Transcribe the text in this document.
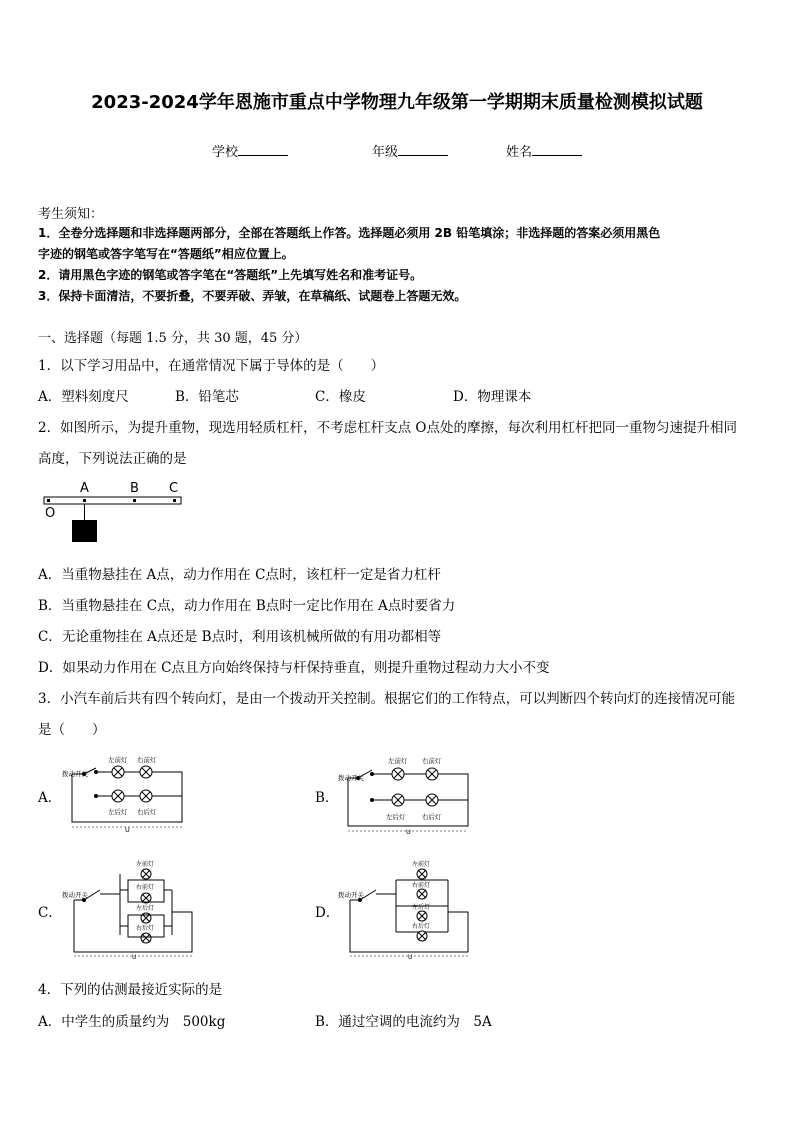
2023-2024学年恩施市重点中学物理九年级第一学期期末质量检测模拟试题
学校	年级	姓名
考生须知：
1．全卷分选择题和非选择题两部分，全部在答题纸上作答。选择题必须用 2B 铅笔填涂；非选择题的答案必须用黑色
字迹的钢笔或答字笔写在“答题纸”相应位置上。
2．请用黑色字迹的钢笔或答字笔在“答题纸”上先填写姓名和准考证号。
3．保持卡面清洁，不要折叠，不要弄破、弄皱，在草稿纸、试题卷上答题无效。
一、选择题（每题 1.5 分，共 30 题，45 分）
1．以下学习用品中，在通常情况下属于导体的是（　　）
A．塑料刻度尺	B．铅笔芯	C．橡皮	D．物理课本
2．如图所示，为提升重物，现选用轻质杠杆，不考虑杠杆支点 O点处的摩擦，每次利用杠杆把同一重物匀速提升相同
高度，下列说法正确的是
A	B C
O
A．当重物悬挂在 A点，动力作用在 C点时，该杠杆一定是省力杠杆
B．当重物悬挂在 C点，动力作用在 B点时一定比作用在 A点时要省力
C．无论重物挂在 A点还是 B点时，利用该机械所做的有用功都相等
D．如果动力作用在 C点且方向始终保持与杆保持垂直，则提升重物过程动力大小不变
3．小汽车前后共有四个转向灯，是由一个拨动开关控制。根据它们的工作特点，可以判断四个转向灯的连接情况可能
是（　　）
A．	B．
C．	D．
拨动开关
左前灯 右前灯
左后灯 右后灯
U
拨动开关
左前灯 右前灯
左后灯	右后灯
U
拨动开关
左前灯
右前灯
左后灯
右后灯
U
拨动开关
左前灯
右前灯
左后灯
右后灯
U
4．下列的估测最接近实际的是
A．中学生的质量约为　500kg	B．通过空调的电流约为　5A
